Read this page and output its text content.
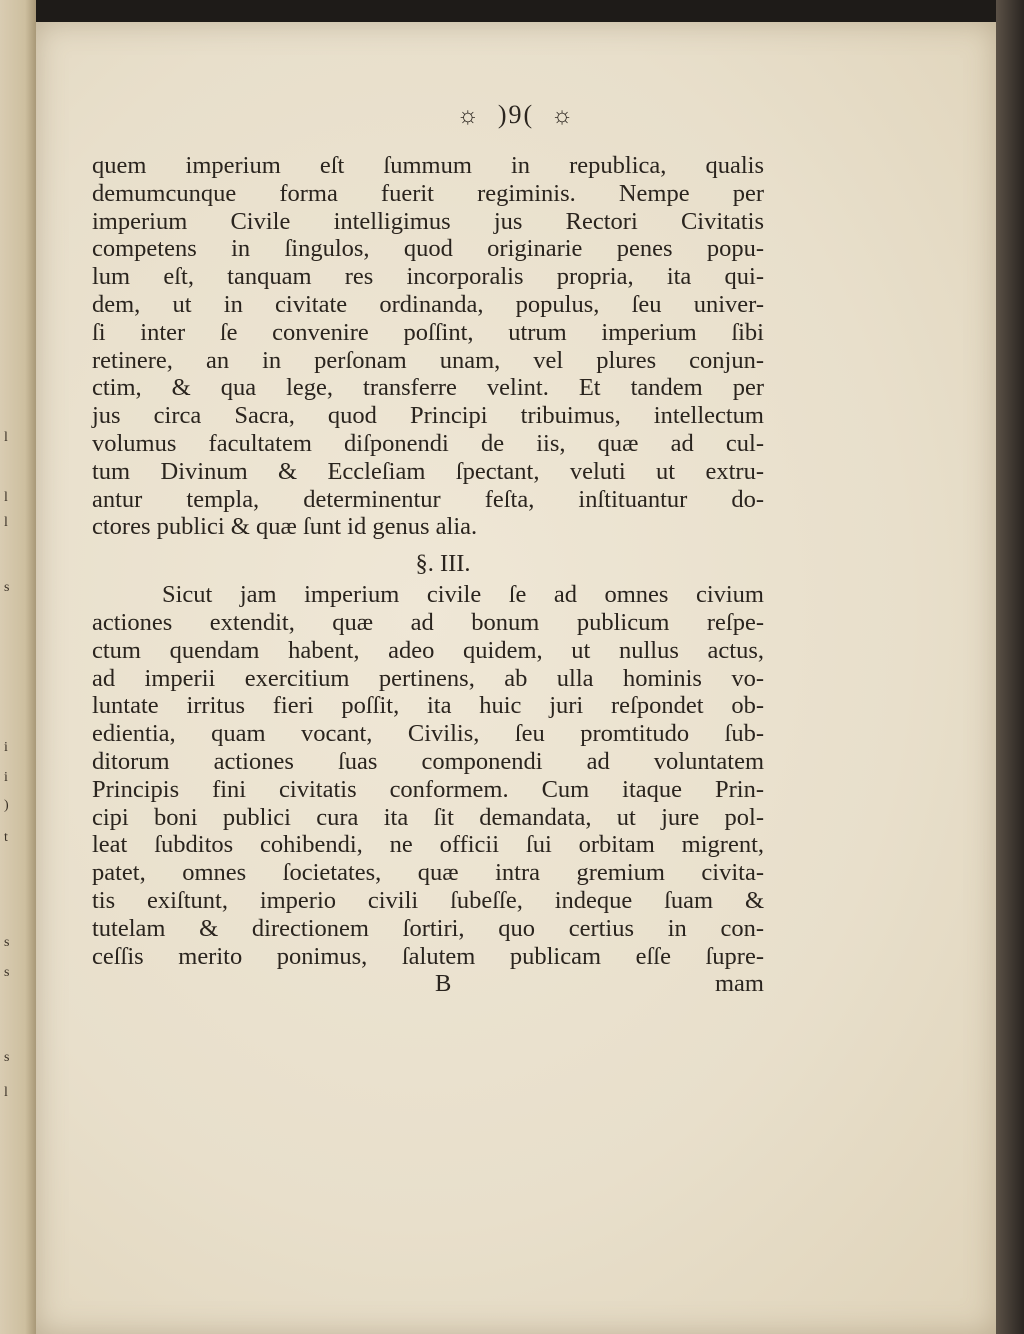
l
l
l
s
i
i
)
t
s
s
s
l
☼ )9( ☼
quem imperium eſt ſummum in republica, qualis
demumcunque forma fuerit regiminis. Nempe per
imperium Civile intelligimus jus Rectori Civitatis
competens in ſingulos, quod originarie penes popu-
lum eſt, tanquam res incorporalis propria, ita qui-
dem, ut in civitate ordinanda, populus, ſeu univer-
ſi inter ſe convenire poſſint, utrum imperium ſibi
retinere, an in perſonam unam, vel plures conjun-
ctim, & qua lege, transferre velint. Et tandem per
jus circa Sacra, quod Principi tribuimus, intellectum
volumus facultatem diſponendi de iis, quæ ad cul-
tum Divinum & Eccleſiam ſpectant, veluti ut extru-
antur templa, determinentur feſta, inſtituantur do-
ctores publici & quæ ſunt id genus alia.
§. III.
Sicut jam imperium civile ſe ad omnes civium
actiones extendit, quæ ad bonum publicum reſpe-
ctum quendam habent, adeo quidem, ut nullus actus,
ad imperii exercitium pertinens, ab ulla hominis vo-
luntate irritus fieri poſſit, ita huic juri reſpondet ob-
edientia, quam vocant, Civilis, ſeu promtitudo ſub-
ditorum actiones ſuas componendi ad voluntatem
Principis fini civitatis conformem. Cum itaque Prin-
cipi boni publici cura ita ſit demandata, ut jure pol-
leat ſubditos cohibendi, ne officii ſui orbitam migrent,
patet, omnes ſocietates, quæ intra gremium civita-
tis exiſtunt, imperio civili ſubeſſe, indeque ſuam &
tutelam & directionem ſortiri, quo certius in con-
ceſſis merito ponimus, ſalutem publicam eſſe ſupre-
B	mam
